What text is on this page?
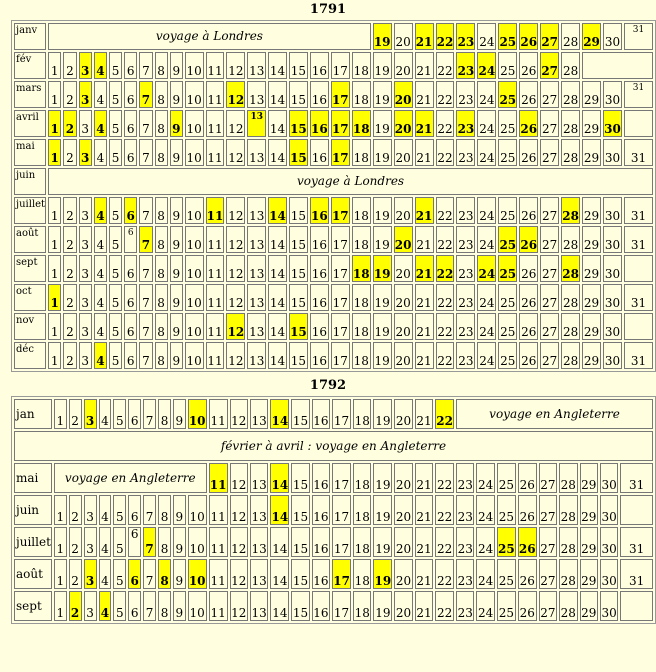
1791
janv	voyage à Londres																		19	20	21	22	23	24	25	26	27	28	29	30	31
fév	1	2	3	4	5	6	7	8	9	10	11	12	13	14	15	16	17	18	19	20	21	22	23	24	25	26	27	28			
mars	1	2	3	4	5	6	7	8	9	10	11	12	13	14	15	16	17	18	19	20	21	22	23	24	25	26	27	28	29	30	31
avril	1	2	3	4	5	6	7	8	9	10	11	12	13	14	15	16	17	18	19	20	21	22	23	24	25	26	27	28	29	30	
mai	1	2	3	4	5	6	7	8	9	10	11	12	13	14	15	16	17	18	19	20	21	22	23	24	25	26	27	28	29	30	31
juin	voyage à Londres																														
juillet	1	2	3	4	5	6	7	8	9	10	11	12	13	14	15	16	17	18	19	20	21	22	23	24	25	26	27	28	29	30	31
août	1	2	3	4	5	6	7	8	9	10	11	12	13	14	15	16	17	18	19	20	21	22	23	24	25	26	27	28	29	30	31
sept	1	2	3	4	5	6	7	8	9	10	11	12	13	14	15	16	17	18	19	20	21	22	23	24	25	26	27	28	29	30	
oct	1	2	3	4	5	6	7	8	9	10	11	12	13	14	15	16	17	18	19	20	21	22	23	24	25	26	27	28	29	30	31
nov	1	2	3	4	5	6	7	8	9	10	11	12	13	14	15	16	17	18	19	20	21	22	23	24	25	26	27	28	29	30	
déc	1	2	3	4	5	6	7	8	9	10	11	12	13	14	15	16	17	18	19	20	21	22	23	24	25	26	27	28	29	30	31
1792
jan	1	2	3	4	5	6	7	8	9	10	11	12	13	14	15	16	17	18	19	20	21	22	voyage en Angleterre								
février à avril : voyage en Angleterre																															
mai	voyage en Angleterre										11	12	13	14	15	16	17	18	19	20	21	22	23	24	25	26	27	28	29	30	31
juin	1	2	3	4	5	6	7	8	9	10	11	12	13	14	15	16	17	18	19	20	21	22	23	24	25	26	27	28	29	30	
juillet	1	2	3	4	5	6	7	8	9	10	11	12	13	14	15	16	17	18	19	20	21	22	23	24	25	26	27	28	29	30	31
août	1	2	3	4	5	6	7	8	9	10	11	12	13	14	15	16	17	18	19	20	21	22	23	24	25	26	27	28	29	30	31
sept	1	2	3	4	5	6	7	8	9	10	11	12	13	14	15	16	17	18	19	20	21	22	23	24	25	26	27	28	29	30	
